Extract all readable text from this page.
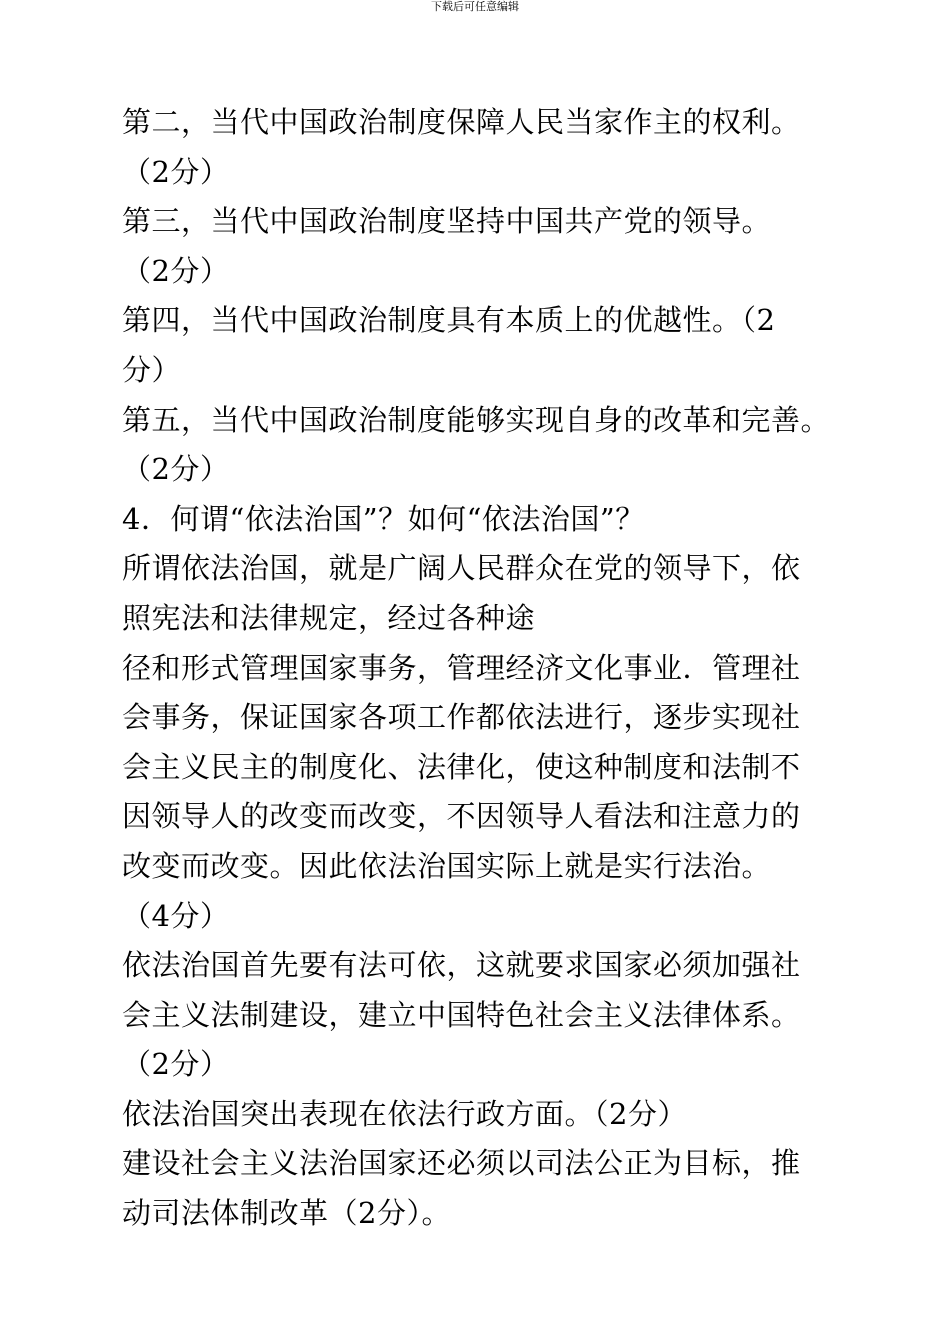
下载后可任意编辑
第二，当代中国政治制度保障人民当家作主的权利。
（2分）
第三，当代中国政治制度坚持中国共产党的领导。
（2分）
第四，当代中国政治制度具有本质上的优越性。（2
分）
第五，当代中国政治制度能够实现自身的改革和完善。
（2分）
4．何谓“依法治国”？如何“依法治国”？
所谓依法治国，就是广阔人民群众在党的领导下，依
照宪法和法律规定，经过各种途
径和形式管理国家事务，管理经济文化事业．管理社
会事务，保证国家各项工作都依法进行，逐步实现社
会主义民主的制度化、法律化，使这种制度和法制不
因领导人的改变而改变，不因领导人看法和注意力的
改变而改变。因此依法治国实际上就是实行法治。
（4分）
依法治国首先要有法可依，这就要求国家必须加强社
会主义法制建设，建立中国特色社会主义法律体系。
（2分）
依法治国突出表现在依法行政方面。（2分）
建设社会主义法治国家还必须以司法公正为目标，推
动司法体制改革（2分）。
